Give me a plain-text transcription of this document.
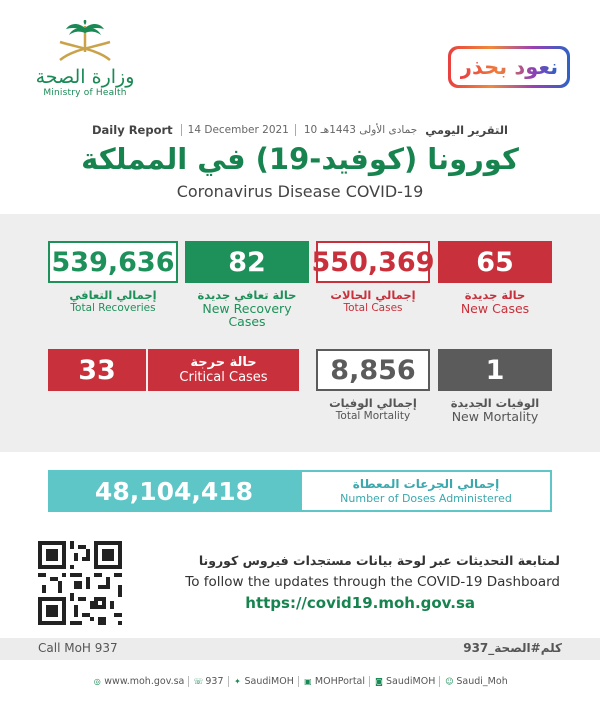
وزارة الصحة
Ministry of Health
نعود بحذر
Daily Report	14 December 2021	10 جمادى الأولى 1443هـ التقرير اليومي
كورونا (كوفيد-19) في المملكة
Coronavirus Disease COVID-19
539,636
إجمالي التعافي
Total Recoveries
82
حالة تعافي جديدة
New Recovery Cases
550,369
إجمالي الحالات
Total Cases
65
حالة جديدة
New Cases
33	حالة حرجة
Critical Cases	8,856
إجمالي الوفيات
Total Mortality
1
الوفيات الجديدة
New Mortality
48,104,418	إجمالي الجرعات المعطاة
Number of Doses Administered
لمتابعة التحديثات عبر لوحة بيانات مستجدات فيروس كورونا
To follow the updates through the COVID-19 Dashboard
https://covid19.moh.gov.sa
Call MoH 937	كلم#الصحة_937
◎ www.moh.gov.sa ☏ 937 ✦ SaudiMOH ▣ MOHPortal ◙ SaudiMOH ☺ Saudi_Moh
